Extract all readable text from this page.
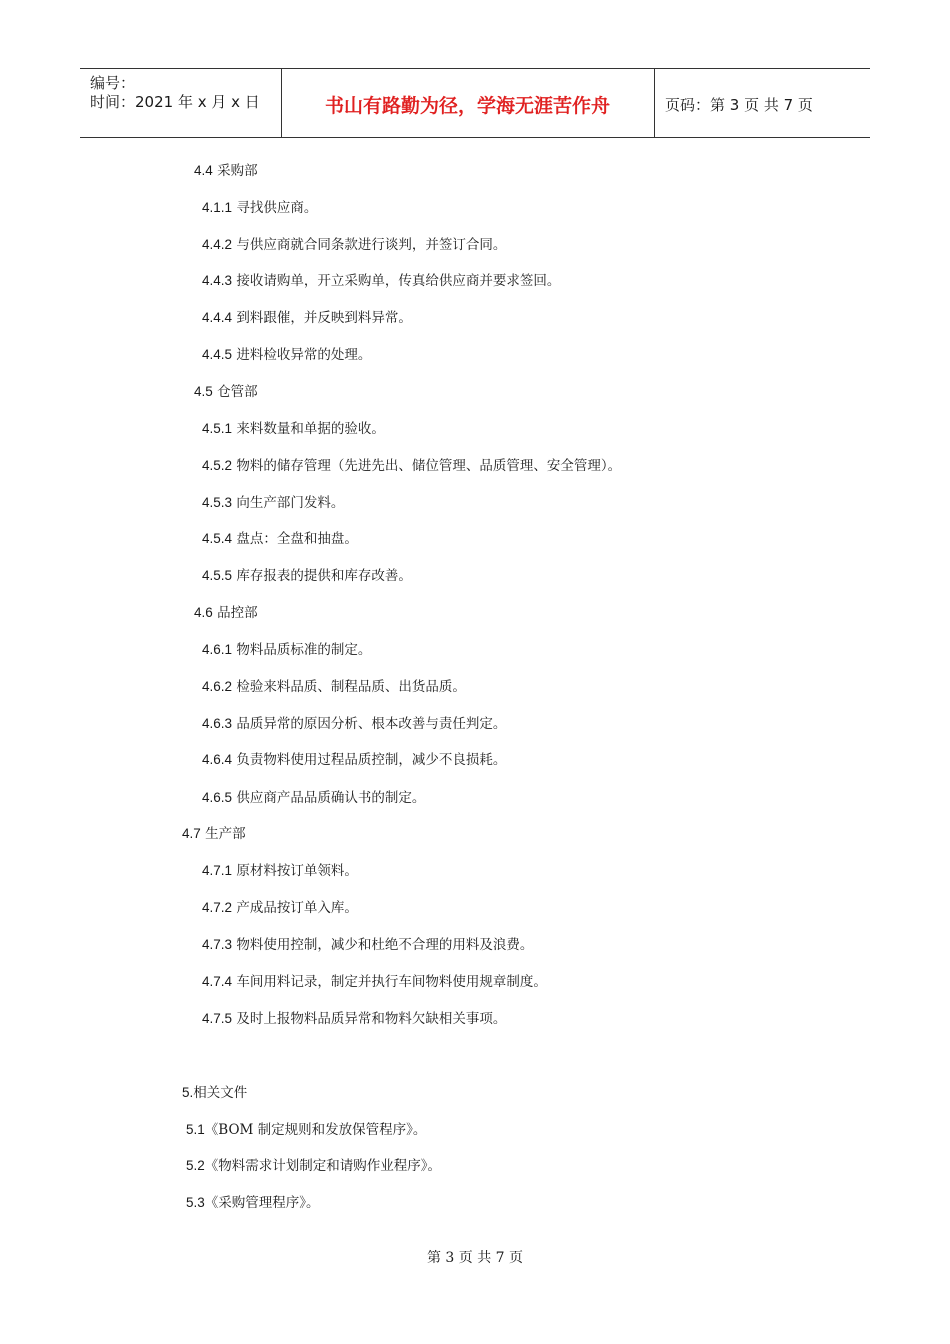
编号：
时间：2021 年 x 月 x 日	书山有路勤为径，学海无涯苦作舟	页码：第 3 页 共 7 页
4.4 采购部
4.1.1 寻找供应商。
4.4.2 与供应商就合同条款进行谈判，并签订合同。
4.4.3 接收请购单，开立采购单，传真给供应商并要求签回。
4.4.4 到料跟催，并反映到料异常。
4.4.5 进料检收异常的处理。
4.5 仓管部
4.5.1 来料数量和单据的验收。
4.5.2 物料的储存管理（先进先出、储位管理、品质管理、安全管理）。
4.5.3 向生产部门发料。
4.5.4 盘点：全盘和抽盘。
4.5.5 库存报表的提供和库存改善。
4.6 品控部
4.6.1 物料品质标准的制定。
4.6.2 检验来料品质、制程品质、出货品质。
4.6.3 品质异常的原因分析、根本改善与责任判定。
4.6.4 负责物料使用过程品质控制，减少不良损耗。
4.6.5 供应商产品品质确认书的制定。
4.7 生产部
4.7.1 原材料按订单领料。
4.7.2 产成品按订单入库。
4.7.3 物料使用控制，减少和杜绝不合理的用料及浪费。
4.7.4 车间用料记录，制定并执行车间物料使用规章制度。
4.7.5 及时上报物料品质异常和物料欠缺相关事项。
5.相关文件
5.1《BOM 制定规则和发放保管程序》。
5.2《物料需求计划制定和请购作业程序》。
5.3《采购管理程序》。
第 3 页 共 7 页
